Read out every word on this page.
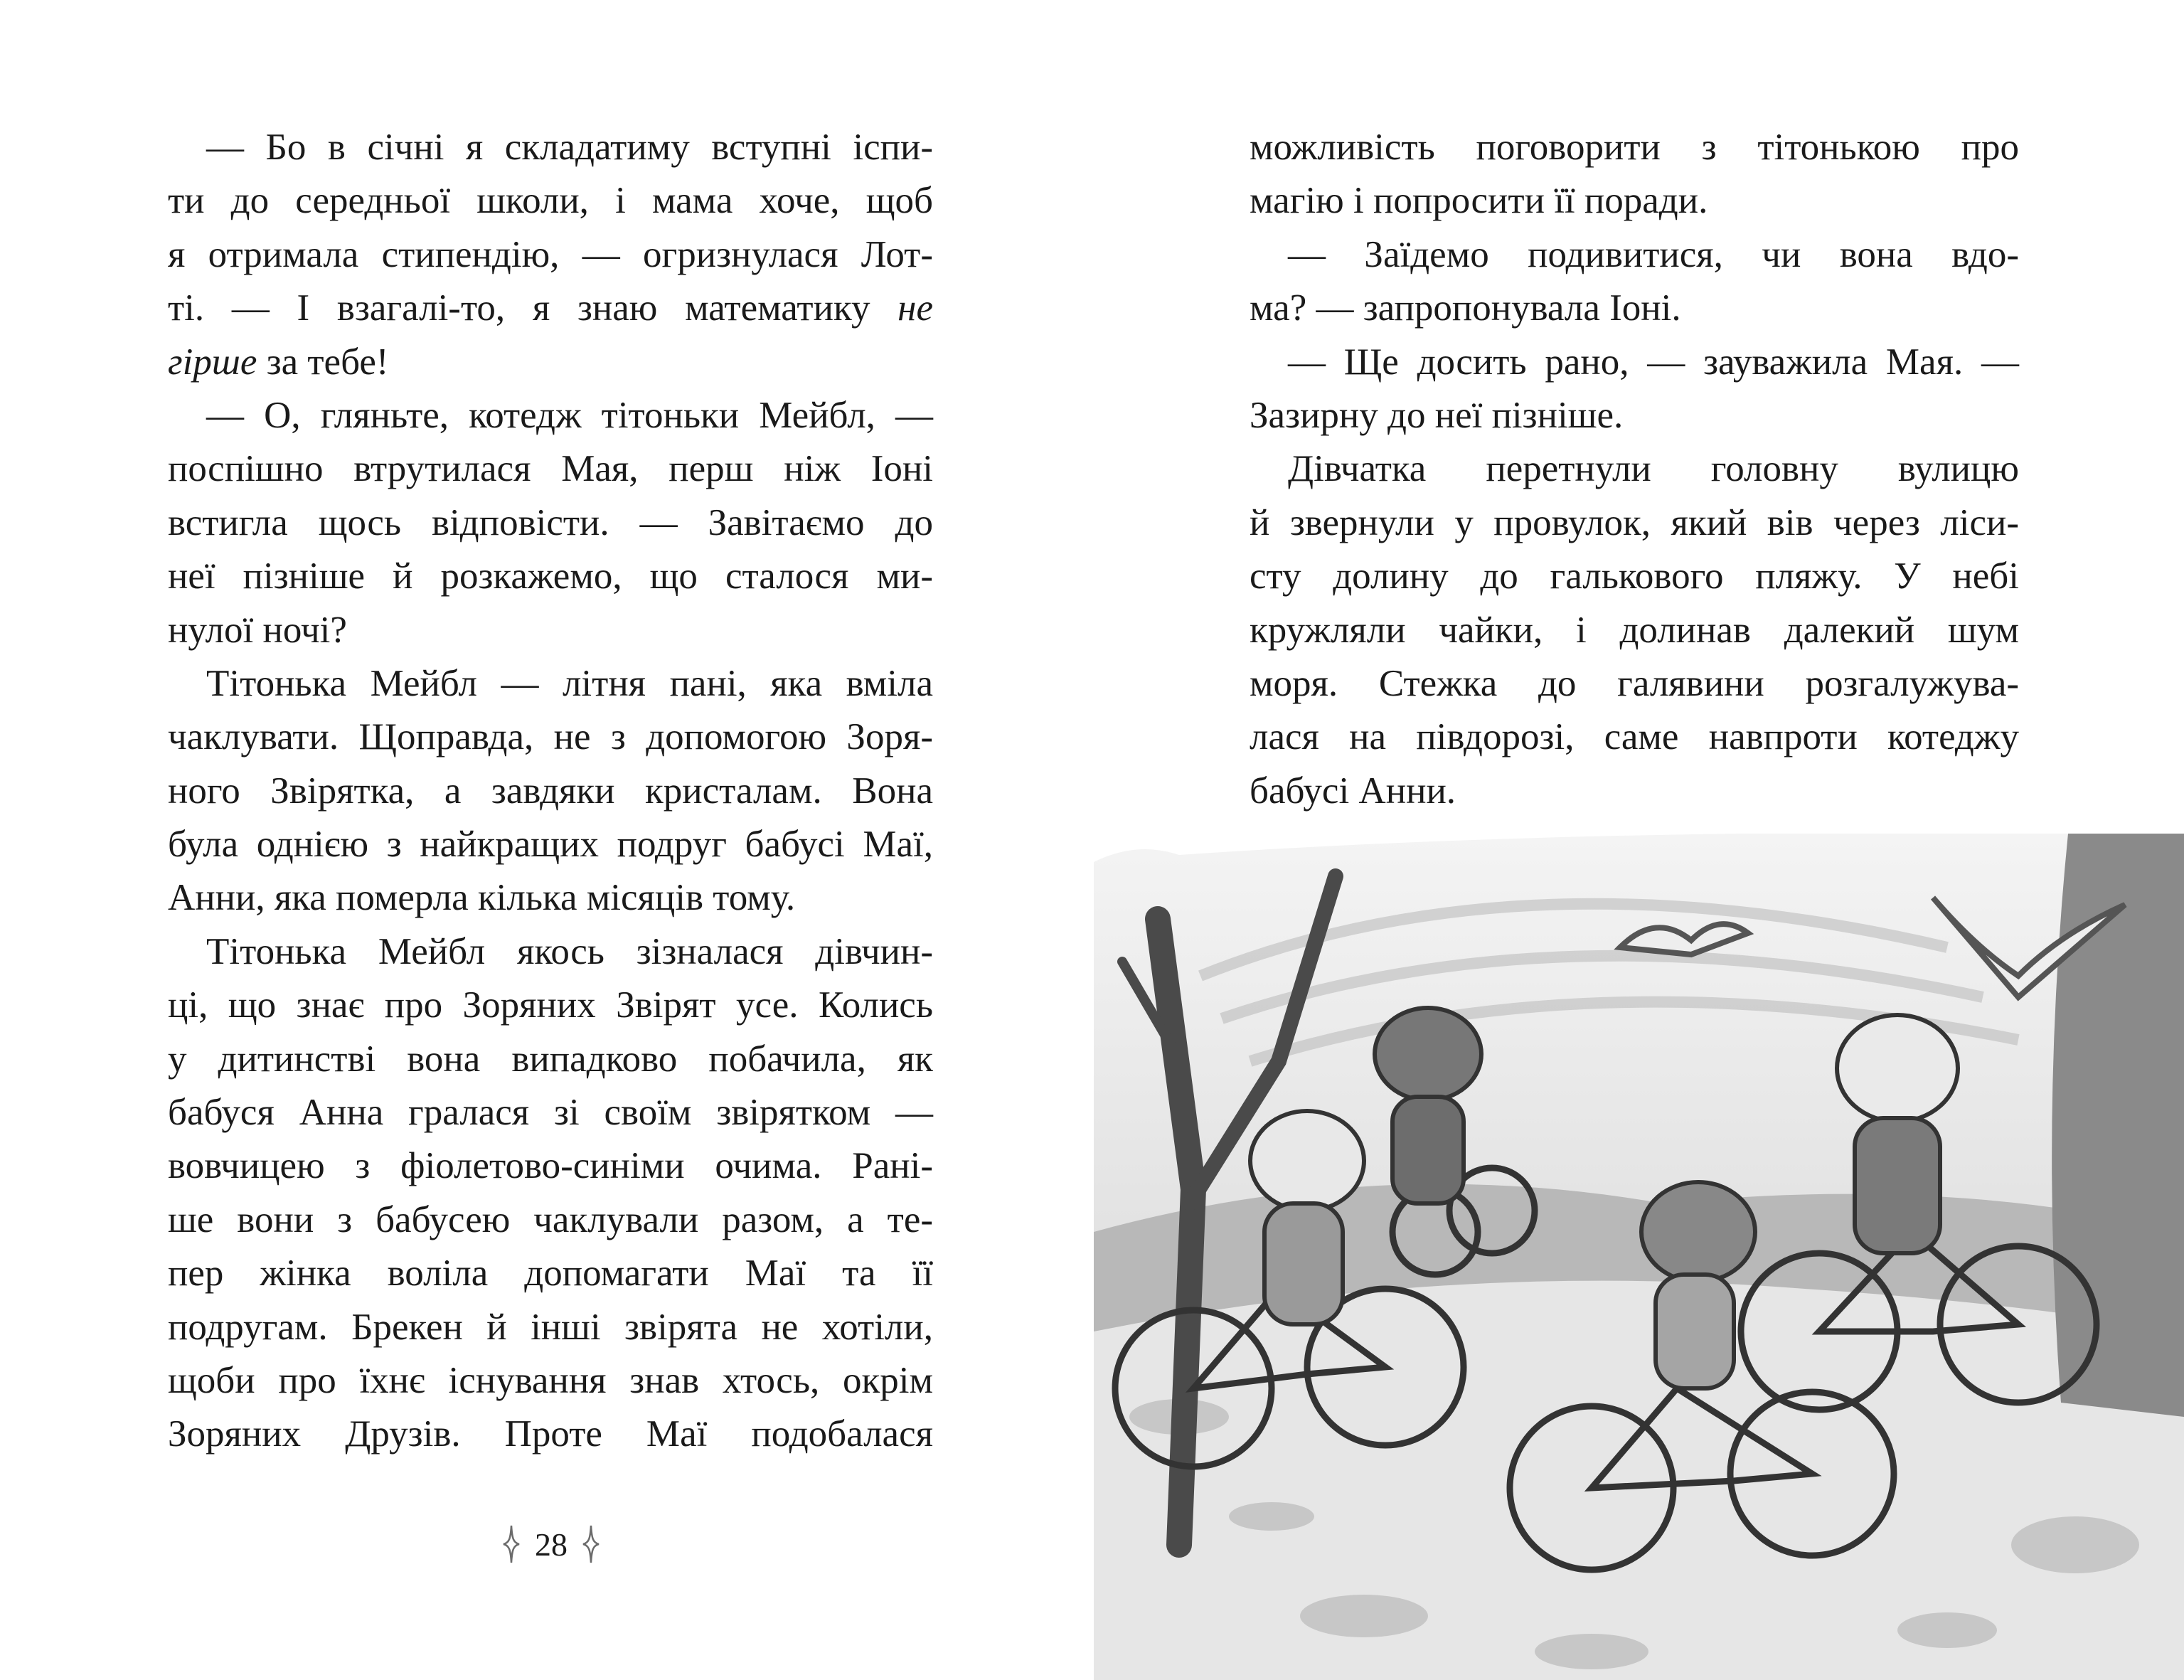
— Бо в січні я складатиму вступні іспи-
ти до середньої школи, і мама хоче, щоб
я отримала стипендію, — огризнулася Лот-
ті. — І взагалі-то, я знаю математику не
гірше за тебе!
— О, гляньте, котедж тітоньки Мейбл, —
поспішно втрутилася Мая, перш ніж Іоні
встигла щось відповісти. — Завітаємо до
неї пізніше й розкажемо, що сталося ми-
нулої ночі?
Тітонька Мейбл — літня пані, яка вміла
чаклувати. Щоправда, не з допомогою Зоря-
ного Звірятка, а завдяки кристалам. Вона
була однією з найкращих подруг бабусі Маї,
Анни, яка померла кілька місяців тому.
Тітонька Мейбл якось зізналася дівчин-
ці, що знає про Зоряних Звірят усе. Колись
у дитинстві вона випадково побачила, як
бабуся Анна гралася зі своїм звірятком —
вовчицею з фіолетово-синіми очима. Рані-
ше вони з бабусею чаклували разом, а те-
пер жінка воліла допомагати Маї та її
подругам. Брекен й інші звірята не хотіли,
щоби про їхнє існування знав хтось, окрім
Зоряних Друзів. Проте Маї подобалася
можливість поговорити з тітонькою про
магію і попросити її поради.
— Заїдемо подивитися, чи вона вдо-
ма? — запропонувала Іоні.
— Ще досить рано, — зауважила Мая. —
Зазирну до неї пізніше.
Дівчатка перетнули головну вулицю
й звернули у провулок, який вів через ліси-
сту долину до галькового пляжу. У небі
кружляли чайки, і долинав далекий шум
моря. Стежка до галявини розгалужува-
лася на півдорозі, саме навпроти котеджу
бабусі Анни.
28
